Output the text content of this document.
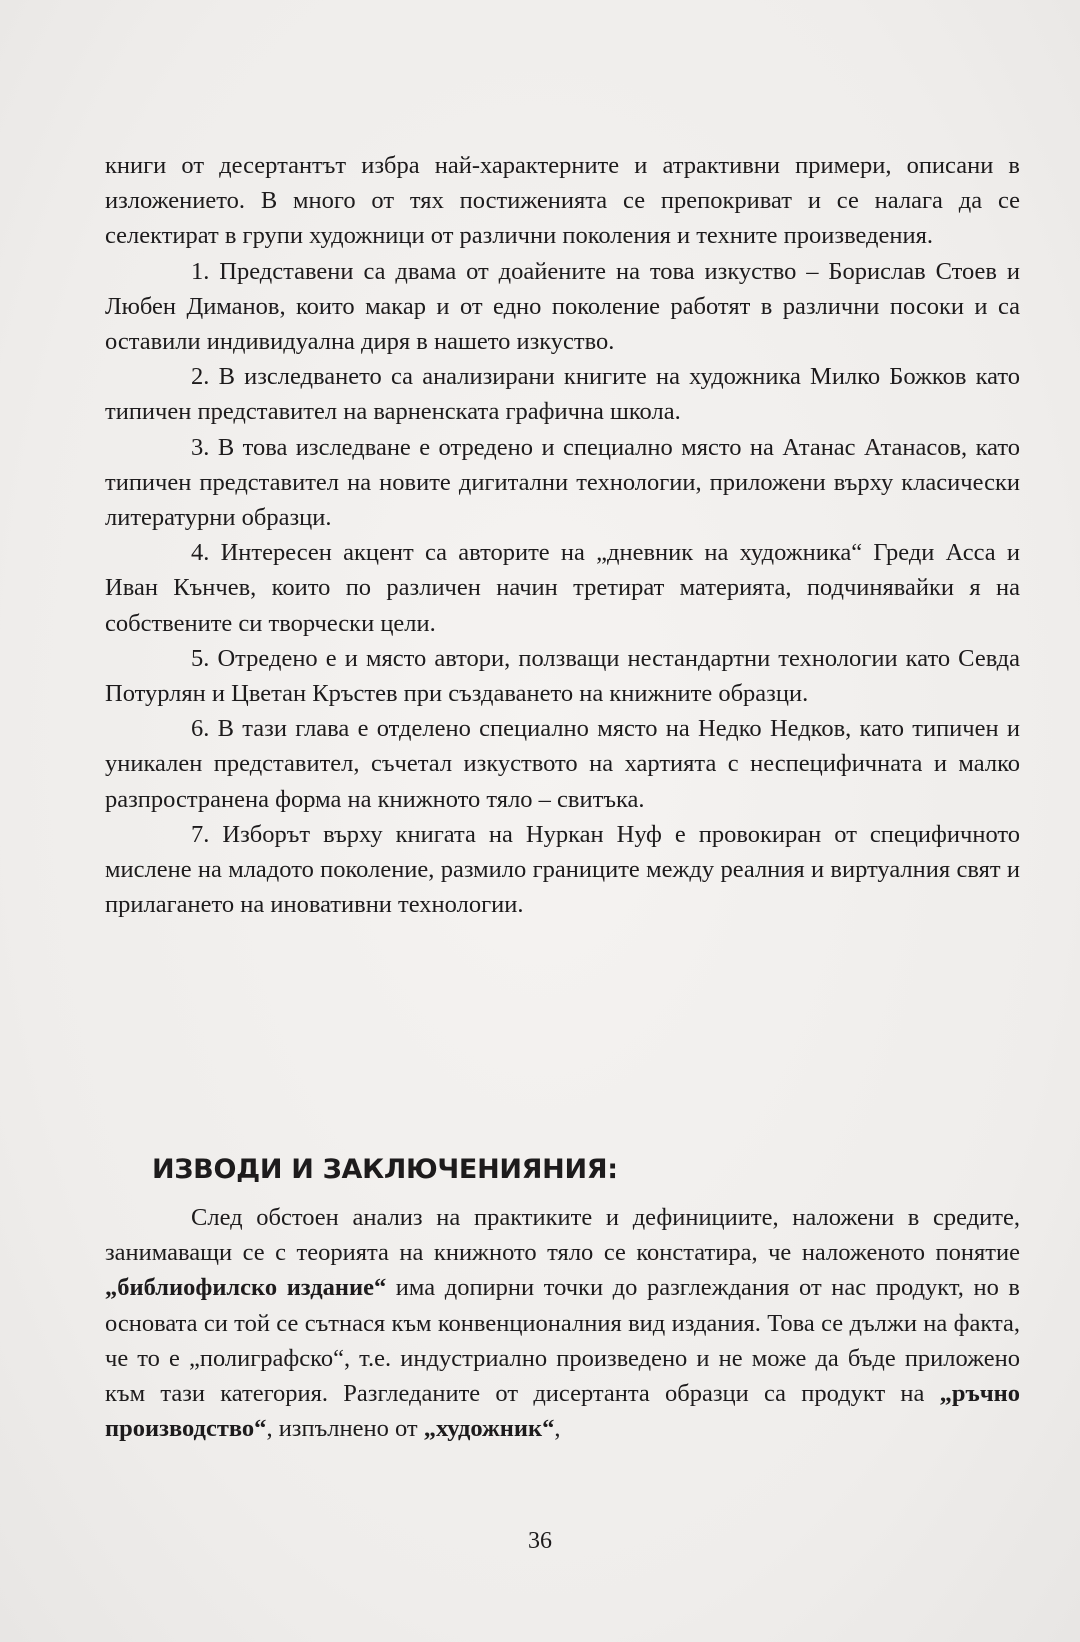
книги от десертантът избра най-характерните и атрактивни примери, описани в изложението. В много от тях постиженията се препокриват и се налага да се селектират в групи художници от различни поколения и техните произведения.

1. Представени са двама от доайените на това изкуство – Борислав Стоев и Любен Диманов, които макар и от едно поколение работят в различни посоки и са оставили индивидуална диря в нашето изкуство.

2. В изследването са анализирани книгите на художника Милко Божков като типичен представител на варненската графична школа.

3. В това изследване е отредено и специално място на Атанас Атанасов, като типичен представител на новите дигитални технологии, приложени върху класически литературни образци.

4. Интересен акцент са авторите на „дневник на художника“ Греди Асса и Иван Кънчев, които по различен начин третират материята, подчинявайки я на собствените си творчески цели.

5. Отредено е и място автори, ползващи нестандартни технологии като Севда Потурлян и Цветан Кръстев при създаването на книжните образци.

6. В тази глава е отделено специално място на Недко Недков, като типичен и уникален представител, съчетал изкуството на хартията с неспецифичната и малко разпространена форма на книжното тяло – свитъка.

7. Изборът върху книгата на Нуркан Нуф е провокиран от специфичното мислене на младото поколение, размило границите между реалния и виртуалния свят и прилагането на иновативни технологии.

ИЗВОДИ И ЗАКЛЮЧЕНИЯНИЯ:

След обстоен анализ на практиките и дефинициите, наложени в средите, занимаващи се с теорията на книжното тяло се констатира, че наложеното понятие „библиофилско издание“ има допирни точки до разглеждания от нас продукт, но в основата си той се сътнася към конвенционалния вид издания. Това се дължи на факта, че то е „полиграфско“, т.е. индустриално произведено и не може да бъде приложено към тази категория. Разгледаните от дисертанта образци са продукт на „ръчно производство“, изпълнено от „художник“,

36
